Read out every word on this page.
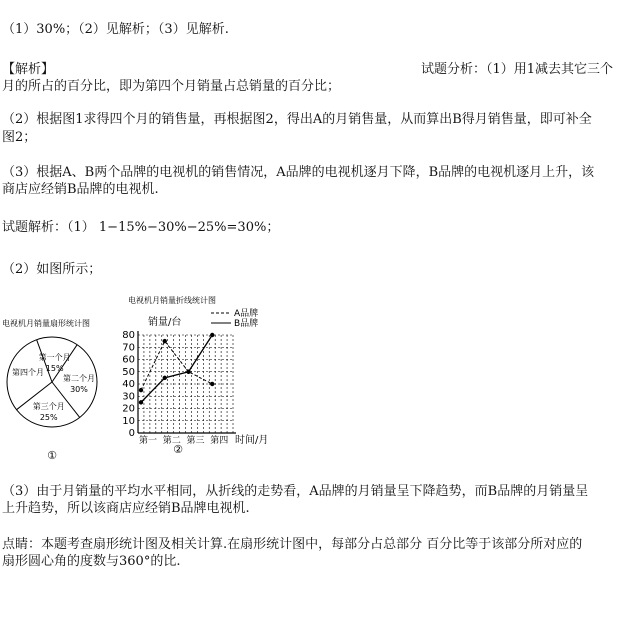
（1）30%；（2）见解析；（3）见解析.
【解析】	试题分析：（1）用1减去其它三个
月的所占的百分比，即为第四个月销量占总销量的百分比；
（2）根据图1求得四个月的销售量，再根据图2，得出A的月销售量，从而算出B得月销售量，即可补全
图2；
（3）根据A、B两个品牌的电视机的销售情况，A品牌的电视机逐月下降，B品牌的电视机逐月上升，该
商店应经销B品牌的电视机.
试题解析：（1） 1−15%−30%−25%=30%；
（2）如图所示；
电视机月销量扇形统计图
第一个月
15%
第二个月
30%
第三个月
25%
第四个月
①
电视机月销量折线统计图
销量/台
0
10
20
30
40
50
60
70
80
第一 第二 第三 第四
A品牌
B品牌
时间/月
②
（3）由于月销量的平均水平相同，从折线的走势看，A品牌的月销量呈下降趋势，而B品牌的月销量呈
上升趋势，所以该商店应经销B品牌电视机.
点睛：本题考查扇形统计图及相关计算.在扇形统计图中，每部分占总部分 百分比等于该部分所对应的
扇形圆心角的度数与360°的比.
